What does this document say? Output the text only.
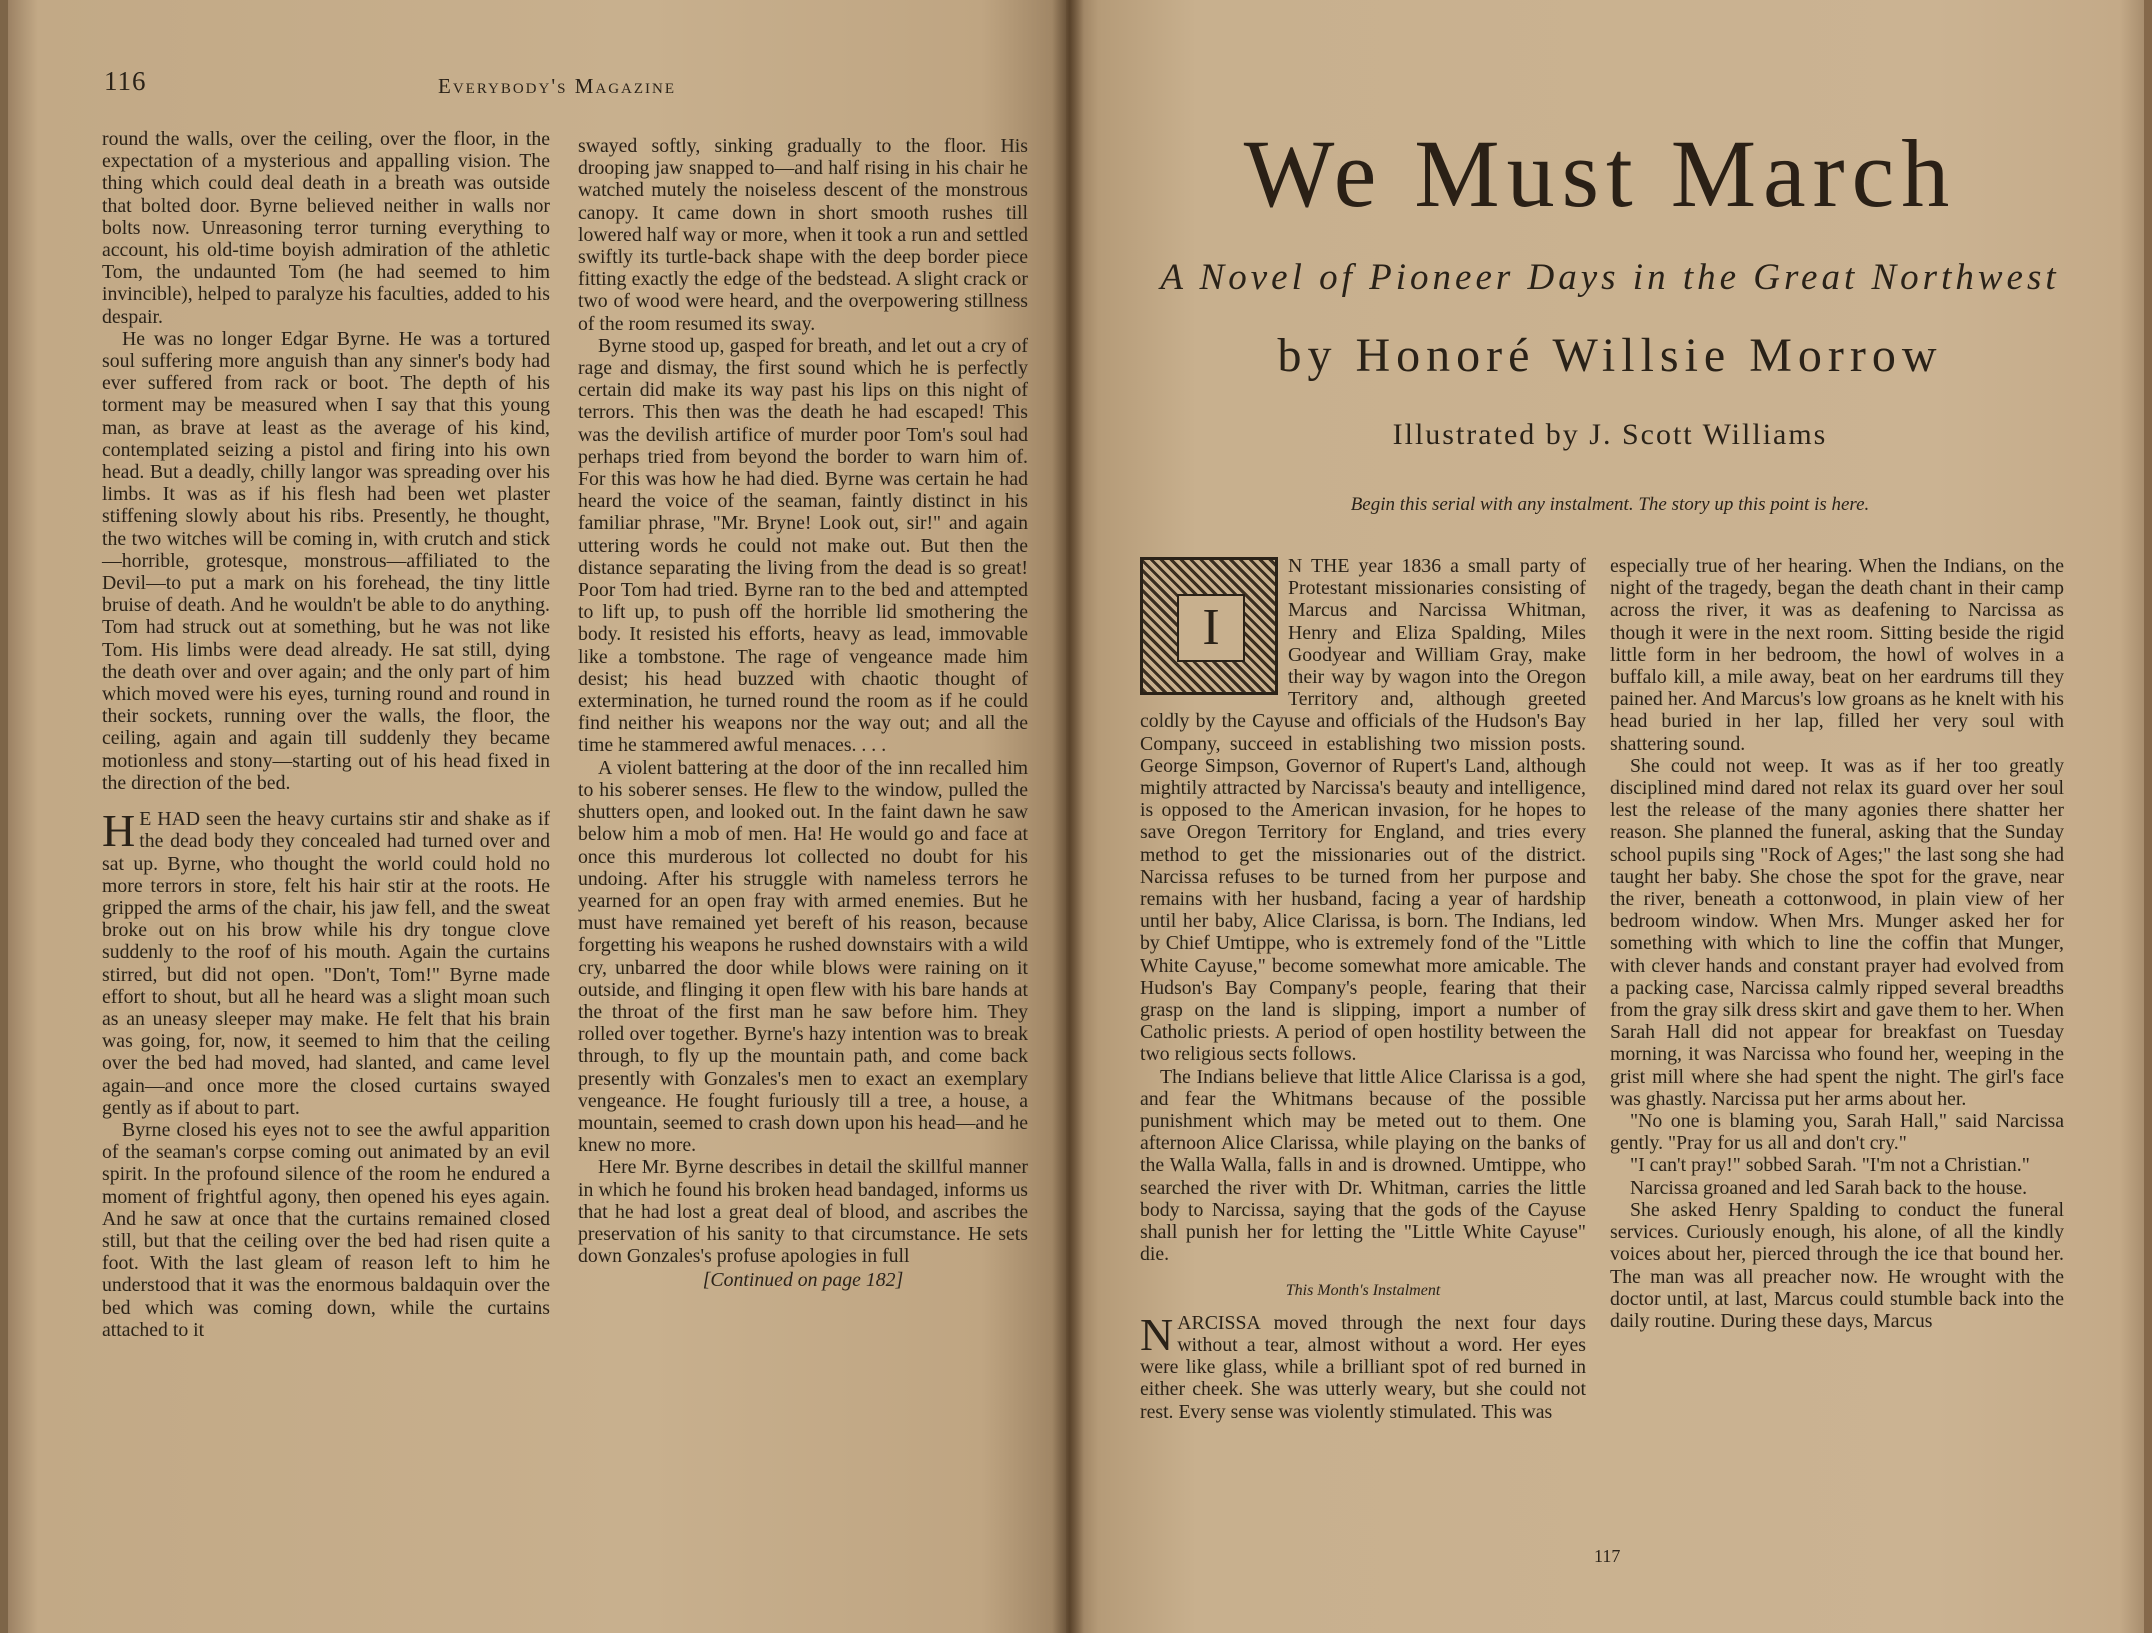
116	Everybody's Magazine

round the walls, over the ceiling, over the floor, in the expectation of a mysterious and appalling vision. The thing which could deal death in a breath was outside that bolted door. Byrne believed neither in walls nor bolts now. Unreasoning terror turning everything to account, his old-time boyish admiration of the athletic Tom, the undaunted Tom (he had seemed to him invincible), helped to paralyze his faculties, added to his despair.

He was no longer Edgar Byrne. He was a tortured soul suffering more anguish than any sinner's body had ever suffered from rack or boot. The depth of his torment may be measured when I say that this young man, as brave at least as the average of his kind, contemplated seizing a pistol and firing into his own head. But a deadly, chilly langor was spreading over his limbs. It was as if his flesh had been wet plaster stiffening slowly about his ribs. Presently, he thought, the two witches will be coming in, with crutch and stick—horrible, grotesque, monstrous—affiliated to the Devil—to put a mark on his forehead, the tiny little bruise of death. And he wouldn't be able to do anything. Tom had struck out at something, but he was not like Tom. His limbs were dead already. He sat still, dying the death over and over again; and the only part of him which moved were his eyes, turning round and round in their sockets, running over the walls, the floor, the ceiling, again and again till suddenly they became motionless and stony—starting out of his head fixed in the direction of the bed.

H E HAD seen the heavy curtains stir and shake as if the dead body they concealed had turned over and sat up. Byrne, who thought the world could hold no more terrors in store, felt his hair stir at the roots. He gripped the arms of the chair, his jaw fell, and the sweat broke out on his brow while his dry tongue clove suddenly to the roof of his mouth. Again the curtains stirred, but did not open. "Don't, Tom!" Byrne made effort to shout, but all he heard was a slight moan such as an uneasy sleeper may make. He felt that his brain was going, for, now, it seemed to him that the ceiling over the bed had moved, had slanted, and came level again—and once more the closed curtains swayed gently as if about to part.

Byrne closed his eyes not to see the awful apparition of the seaman's corpse coming out animated by an evil spirit. In the profound silence of the room he endured a moment of frightful agony, then opened his eyes again. And he saw at once that the curtains remained closed still, but that the ceiling over the bed had risen quite a foot. With the last gleam of reason left to him he understood that it was the enormous baldaquin over the bed which was coming down, while the curtains attached to it

swayed softly, sinking gradually to the floor. His drooping jaw snapped to—and half rising in his chair he watched mutely the noiseless descent of the monstrous canopy. It came down in short smooth rushes till lowered half way or more, when it took a run and settled swiftly its turtle-back shape with the deep border piece fitting exactly the edge of the bedstead. A slight crack or two of wood were heard, and the overpowering stillness of the room resumed its sway.

Byrne stood up, gasped for breath, and let out a cry of rage and dismay, the first sound which he is perfectly certain did make its way past his lips on this night of terrors. This then was the death he had escaped! This was the devilish artifice of murder poor Tom's soul had perhaps tried from beyond the border to warn him of. For this was how he had died. Byrne was certain he had heard the voice of the seaman, faintly distinct in his familiar phrase, "Mr. Bryne! Look out, sir!" and again uttering words he could not make out. But then the distance separating the living from the dead is so great! Poor Tom had tried. Byrne ran to the bed and attempted to lift up, to push off the horrible lid smothering the body. It resisted his efforts, heavy as lead, immovable like a tombstone. The rage of vengeance made him desist; his head buzzed with chaotic thought of extermination, he turned round the room as if he could find neither his weapons nor the way out; and all the time he stammered awful menaces. . . .

A violent battering at the door of the inn recalled him to his soberer senses. He flew to the window, pulled the shutters open, and looked out. In the faint dawn he saw below him a mob of men. Ha! He would go and face at once this murderous lot collected no doubt for his undoing. After his struggle with nameless terrors he yearned for an open fray with armed enemies. But he must have remained yet bereft of his reason, because forgetting his weapons he rushed downstairs with a wild cry, unbarred the door while blows were raining on it outside, and flinging it open flew with his bare hands at the throat of the first man he saw before him. They rolled over together. Byrne's hazy intention was to break through, to fly up the mountain path, and come back presently with Gonzales's men to exact an exemplary vengeance. He fought furiously till a tree, a house, a mountain, seemed to crash down upon his head—and he knew no more.

Here Mr. Byrne describes in detail the skillful manner in which he found his broken head bandaged, informs us that he had lost a great deal of blood, and ascribes the preservation of his sanity to that circumstance. He sets down Gonzales's profuse apologies in full

[Continued on page 182]
We Must March
A Novel of Pioneer Days in the Great Northwest
by Honoré Willsie Morrow
Illustrated by J. Scott Williams
Begin this serial with any instalment. The story up this point is here.
I

N THE year 1836 a small party of Protestant missionaries consisting of Marcus and Narcissa Whitman, Henry and Eliza Spalding, Miles Goodyear and William Gray, make their way by wagon into the Oregon Territory and, although greeted coldly by the Cayuse and officials of the Hudson's Bay Company, succeed in establishing two mission posts. George Simpson, Governor of Rupert's Land, although mightily attracted by Narcissa's beauty and intelligence, is opposed to the American invasion, for he hopes to save Oregon Territory for England, and tries every method to get the missionaries out of the district. Narcissa refuses to be turned from her purpose and remains with her husband, facing a year of hardship until her baby, Alice Clarissa, is born. The Indians, led by Chief Umtippe, who is extremely fond of the "Little White Cayuse," become somewhat more amicable. The Hudson's Bay Company's people, fearing that their grasp on the land is slipping, import a number of Catholic priests. A period of open hostility between the two religious sects follows.

The Indians believe that little Alice Clarissa is a god, and fear the Whitmans because of the possible punishment which may be meted out to them. One afternoon Alice Clarissa, while playing on the banks of the Walla Walla, falls in and is drowned. Umtippe, who searched the river with Dr. Whitman, carries the little body to Narcissa, saying that the gods of the Cayuse shall punish her for letting the "Little White Cayuse" die.

This Month's Instalment

NARCISSA moved through the next four days without a tear, almost without a word. Her eyes were like glass, while a brilliant spot of red burned in either cheek. She was utterly weary, but she could not rest. Every sense was violently stimulated. This was

especially true of her hearing. When the Indians, on the night of the tragedy, began the death chant in their camp across the river, it was as deafening to Narcissa as though it were in the next room. Sitting beside the rigid little form in her bedroom, the howl of wolves in a buffalo kill, a mile away, beat on her eardrums till they pained her. And Marcus's low groans as he knelt with his head buried in her lap, filled her very soul with shattering sound.

She could not weep. It was as if her too greatly disciplined mind dared not relax its guard over her soul lest the release of the many agonies there shatter her reason. She planned the funeral, asking that the Sunday school pupils sing "Rock of Ages;" the last song she had taught her baby. She chose the spot for the grave, near the river, beneath a cottonwood, in plain view of her bedroom window. When Mrs. Munger asked her for something with which to line the coffin that Munger, with clever hands and constant prayer had evolved from a packing case, Narcissa calmly ripped several breadths from the gray silk dress skirt and gave them to her. When Sarah Hall did not appear for breakfast on Tuesday morning, it was Narcissa who found her, weeping in the grist mill where she had spent the night. The girl's face was ghastly. Narcissa put her arms about her.

"No one is blaming you, Sarah Hall," said Narcissa gently. "Pray for us all and don't cry."

"I can't pray!" sobbed Sarah. "I'm not a Christian."

Narcissa groaned and led Sarah back to the house.

She asked Henry Spalding to conduct the funeral services. Curiously enough, his alone, of all the kindly voices about her, pierced through the ice that bound her. The man was all preacher now. He wrought with the doctor until, at last, Marcus could stumble back into the daily routine. During these days, Marcus

117
